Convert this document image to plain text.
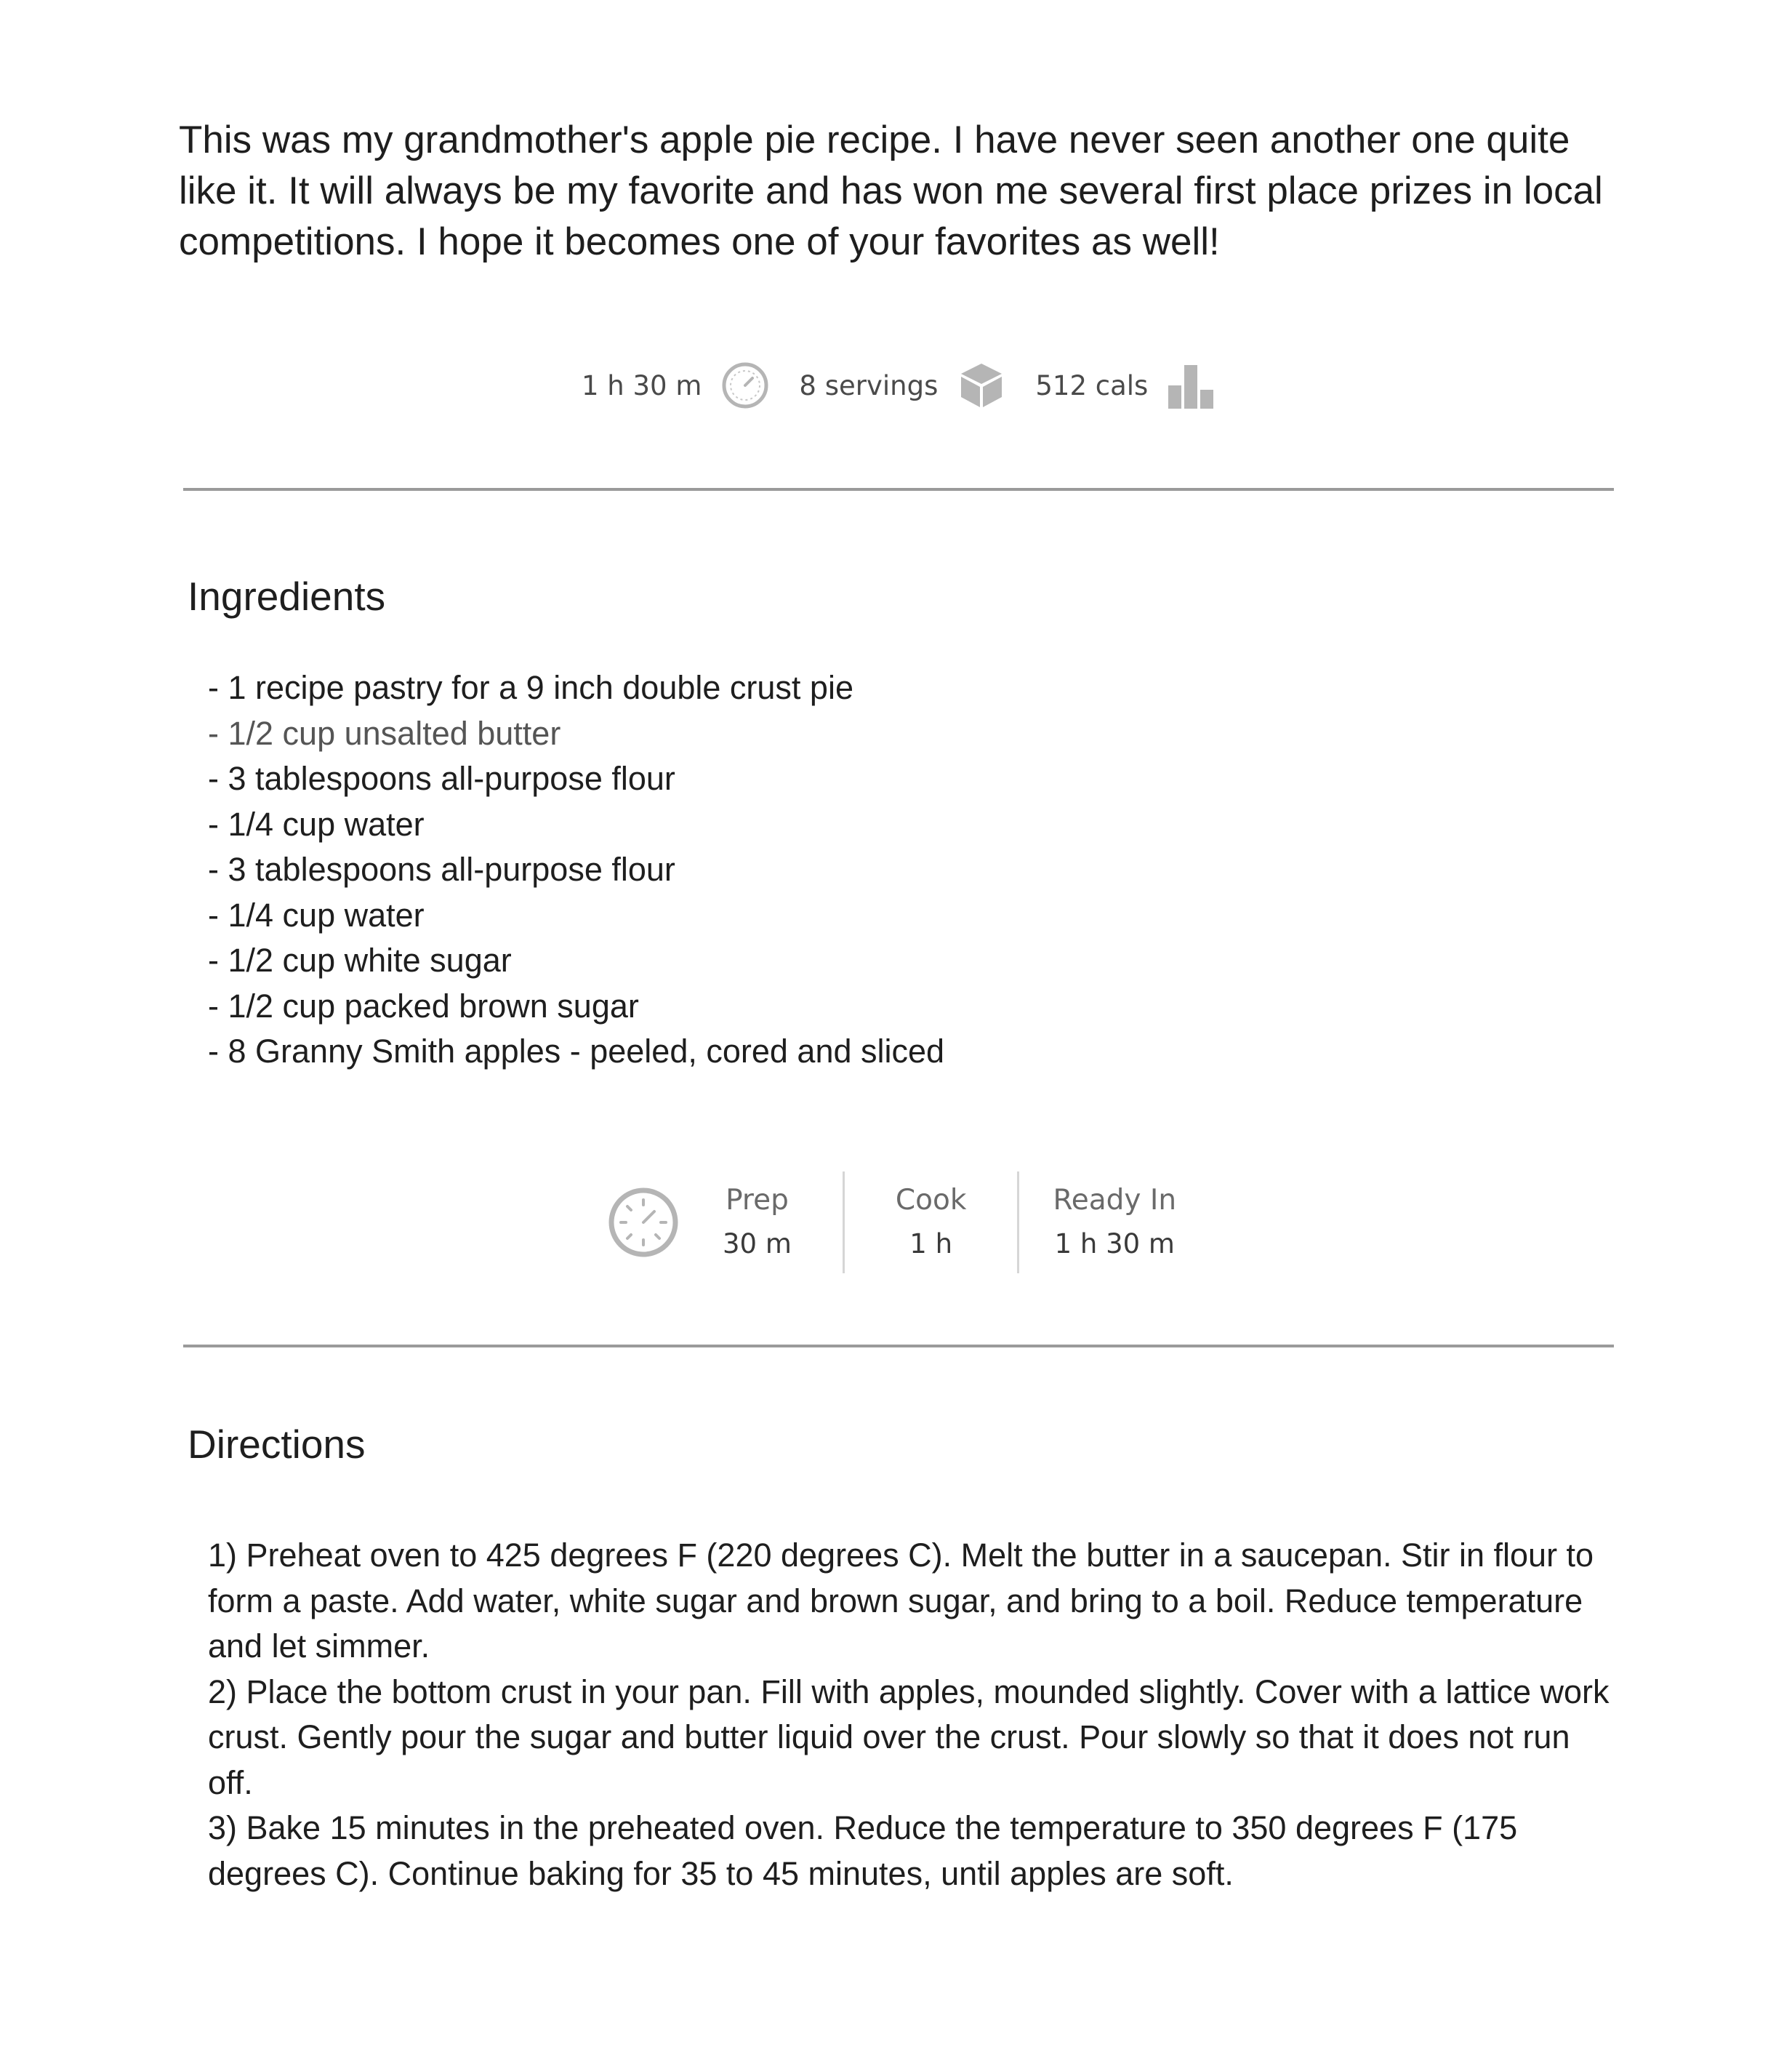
This was my grandmother's apple pie recipe. I have never seen another one quite like it. It will always be my favorite and has won me several first place prizes in local competitions. I hope it becomes one of your favorites as well!

1 h 30 m	8 servings	512 cals
Ingredients
- 1 recipe pastry for a 9 inch double crust pie
- 1/2 cup unsalted butter
- 3 tablespoons all-purpose flour
- 1/4 cup water
- 3 tablespoons all-purpose flour
- 1/4 cup water
- 1/2 cup white sugar
- 1/2 cup packed brown sugar
- 8 Granny Smith apples - peeled, cored and sliced
Prep
30 m
Cook
1 h
Ready In
1 h 30 m
Directions
1) Preheat oven to 425 degrees F (220 degrees C). Melt the butter in a saucepan. Stir in flour to form a paste. Add water, white sugar and brown sugar, and bring to a boil. Reduce temperature and let simmer.
2) Place the bottom crust in your pan. Fill with apples, mounded slightly. Cover with a lattice work crust. Gently pour the sugar and butter liquid over the crust. Pour slowly so that it does not run off.
3) Bake 15 minutes in the preheated oven. Reduce the temperature to 350 degrees F (175 degrees C). Continue baking for 35 to 45 minutes, until apples are soft.
